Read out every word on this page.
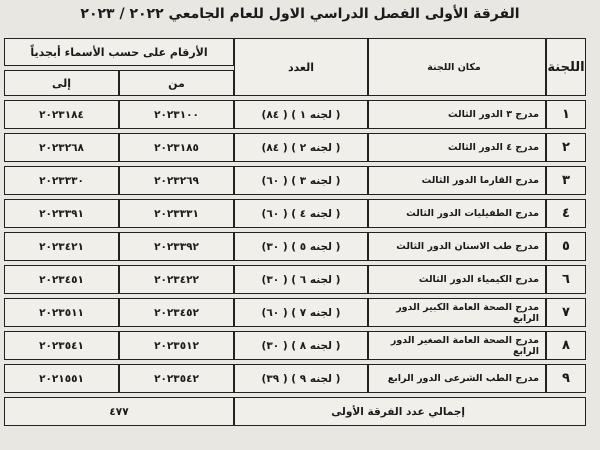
الفرقة الأولى الفصل الدراسي الاول للعام الجامعي ٢٠٢٢ / ٢٠٢٣
اللجنة	مكان اللجنة	العدد	الأرقام على حسب الأسماء أبجدياً	
			من	إلى
١	مدرج ٣ الدور الثالث	( لجنه ١ ) ( ٨٤)	٢٠٢٣١٠٠	٢٠٢٣١٨٤
٢	مدرج ٤ الدور الثالث	( لجنه ٢ ) ( ٨٤)	٢٠٢٣١٨٥	٢٠٢٣٢٦٨
٣	مدرج القارما الدور الثالث	( لجنه ٣ ) ( ٦٠)	٢٠٢٣٢٦٩	٢٠٢٣٣٣٠
٤	مدرج الطفيليات الدور الثالث	( لجنه ٤ ) ( ٦٠)	٢٠٢٣٣٣١	٢٠٢٣٣٩١
٥	مدرج طب الاسنان الدور الثالث	( لجنه ٥ ) ( ٣٠)	٢٠٢٣٣٩٢	٢٠٢٣٤٢١
٦	مدرج الكيمياء الدور الثالث	( لجنه ٦ ) ( ٣٠)	٢٠٢٣٤٢٢	٢٠٢٣٤٥١
٧	مدرج الصحة العامة الكبير الدور الرابع	( لجنه ٧ ) ( ٦٠)	٢٠٢٣٤٥٢	٢٠٢٣٥١١
٨	مدرج الصحة العامة الصغير الدور الرابع	( لجنه ٨ ) ( ٣٠)	٢٠٢٣٥١٢	٢٠٢٣٥٤١
٩	مدرج الطب الشرعى الدور الرابع	( لجنه ٩ ) ( ٣٩)	٢٠٢٣٥٤٢	٢٠٢١٥٥١
إجمالي عدد الفرقة الأولى			٤٧٧	
